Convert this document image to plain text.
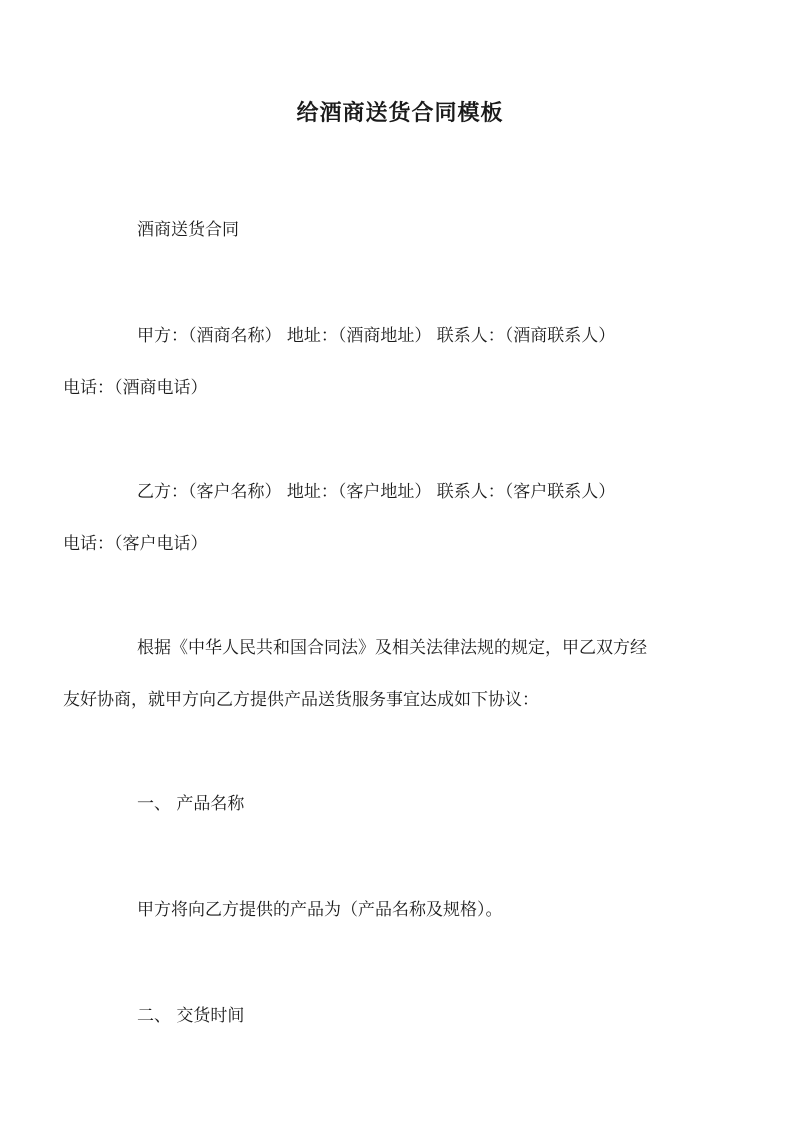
给酒商送货合同模板
酒商送货合同
甲方：（酒商名称） 地址：（酒商地址） 联系人：（酒商联系人）
电话：（酒商电话）
乙方：（客户名称） 地址：（客户地址） 联系人：（客户联系人）
电话：（客户电话）
根据《中华人民共和国合同法》及相关法律法规的规定，甲乙双方经
友好协商，就甲方向乙方提供产品送货服务事宜达成如下协议：
一、 产品名称
甲方将向乙方提供的产品为（产品名称及规格）。
二、 交货时间
